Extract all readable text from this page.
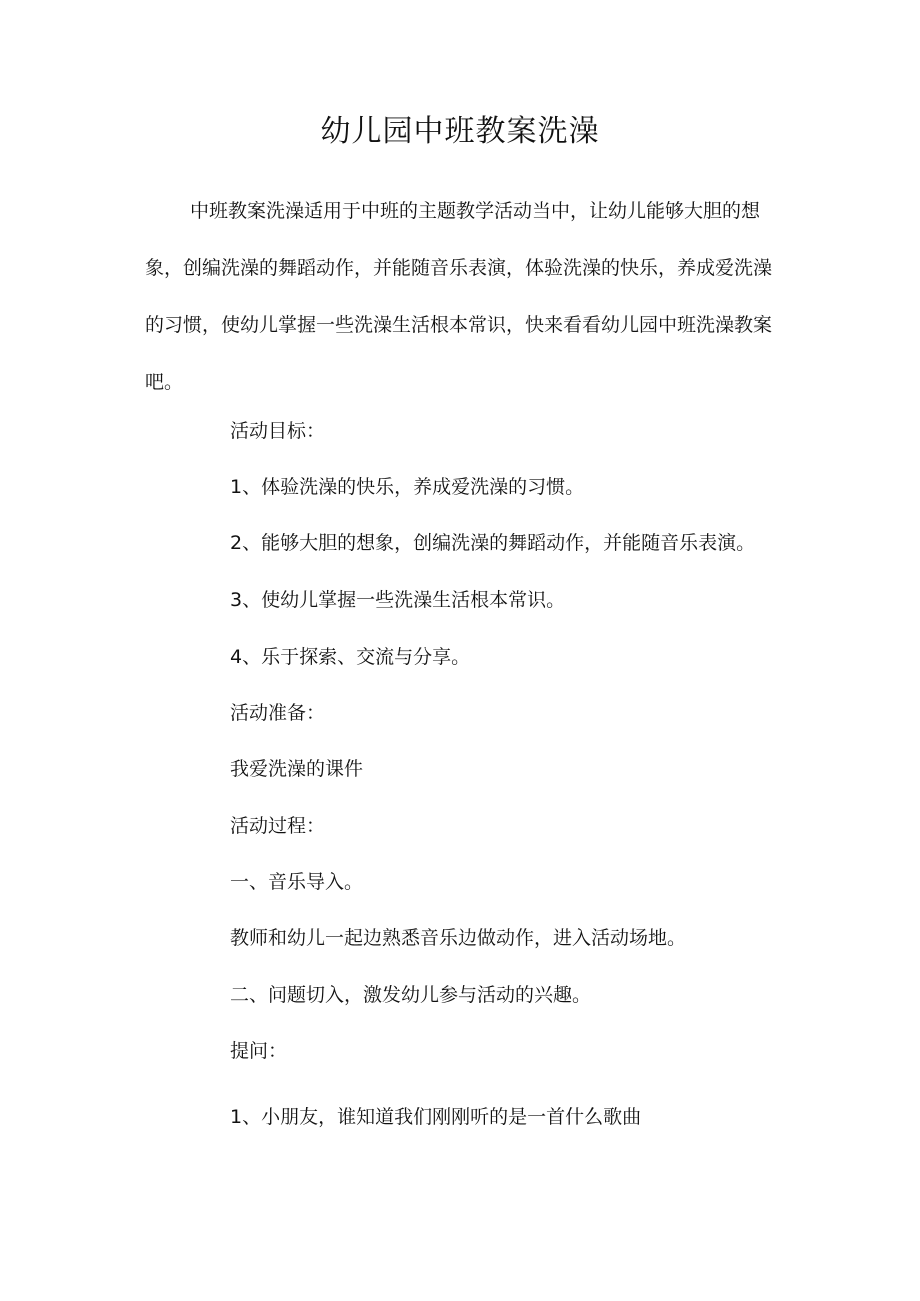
幼儿园中班教案洗澡
中班教案洗澡适用于中班的主题教学活动当中，让幼儿能够大胆的想象，创编洗澡的舞蹈动作，并能随音乐表演，体验洗澡的快乐，养成爱洗澡的习惯，使幼儿掌握一些洗澡生活根本常识，快来看看幼儿园中班洗澡教案吧。
活动目标：
1、体验洗澡的快乐，养成爱洗澡的习惯。
2、能够大胆的想象，创编洗澡的舞蹈动作，并能随音乐表演。
3、使幼儿掌握一些洗澡生活根本常识。
4、乐于探索、交流与分享。
活动准备：
我爱洗澡的课件
活动过程：
一、音乐导入。
教师和幼儿一起边熟悉音乐边做动作，进入活动场地。
二、问题切入，激发幼儿参与活动的兴趣。
提问：
1、小朋友，谁知道我们刚刚听的是一首什么歌曲
